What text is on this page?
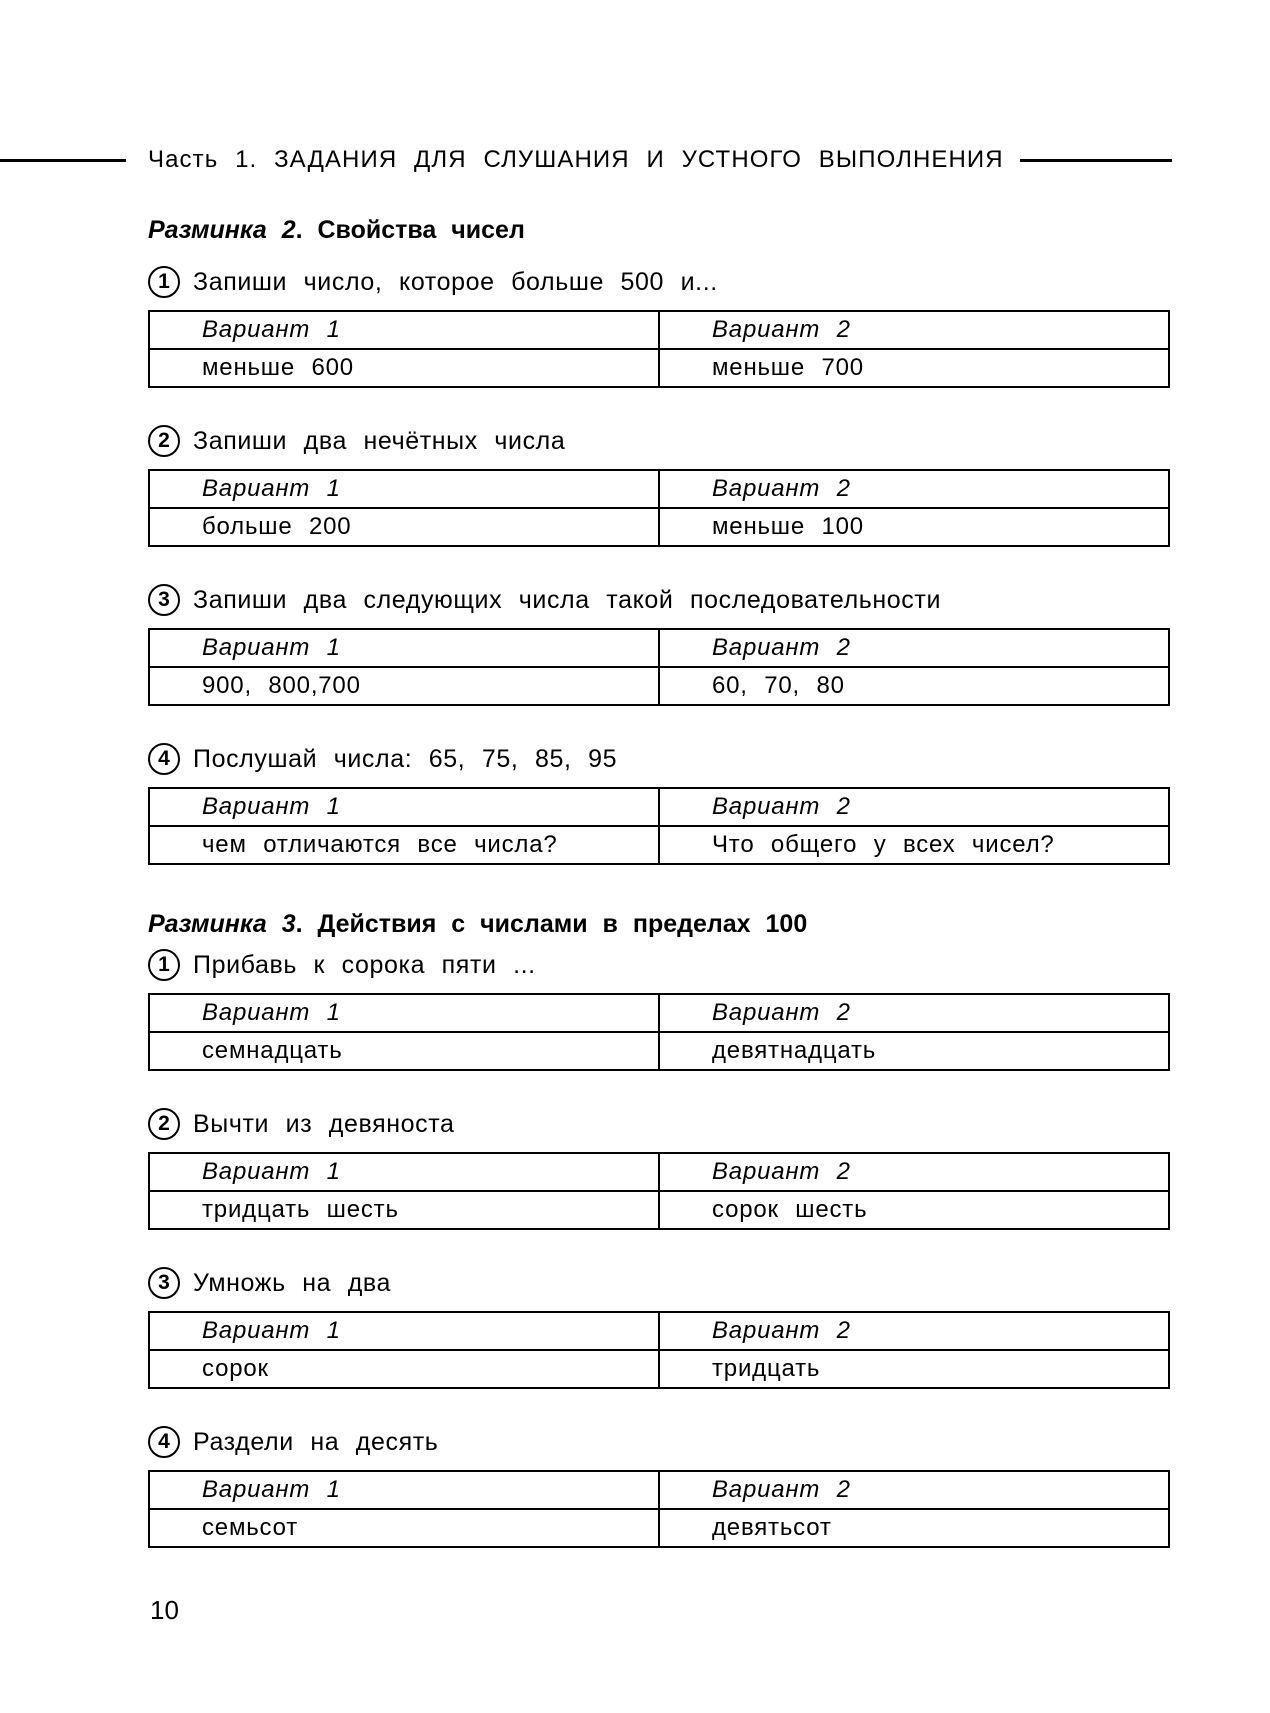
Часть 1. ЗАДАНИЯ ДЛЯ СЛУШАНИЯ И УСТНОГО ВЫПОЛНЕНИЯ
Разминка 2. Свойства чисел
1 Запиши число, которое больше 500 и...
Вариант 1	Вариант 2
меньше 600	меньше 700
2 Запиши два нечётных числа
Вариант 1	Вариант 2
больше 200	меньше 100
3 Запиши два следующих числа такой последовательности
Вариант 1	Вариант 2
900, 800,700	60, 70, 80
4 Послушай числа: 65, 75, 85, 95
Вариант 1	Вариант 2
чем отличаются все числа?	Что общего у всех чисел?
Разминка 3. Действия с числами в пределах 100
1 Прибавь к сорока пяти ...
Вариант 1	Вариант 2
семнадцать	девятнадцать
2 Вычти из девяноста
Вариант 1	Вариант 2
тридцать шесть	сорок шесть
3 Умножь на два
Вариант 1	Вариант 2
сорок	тридцать
4 Раздели на десять
Вариант 1	Вариант 2
семьсот	девятьсот
10
